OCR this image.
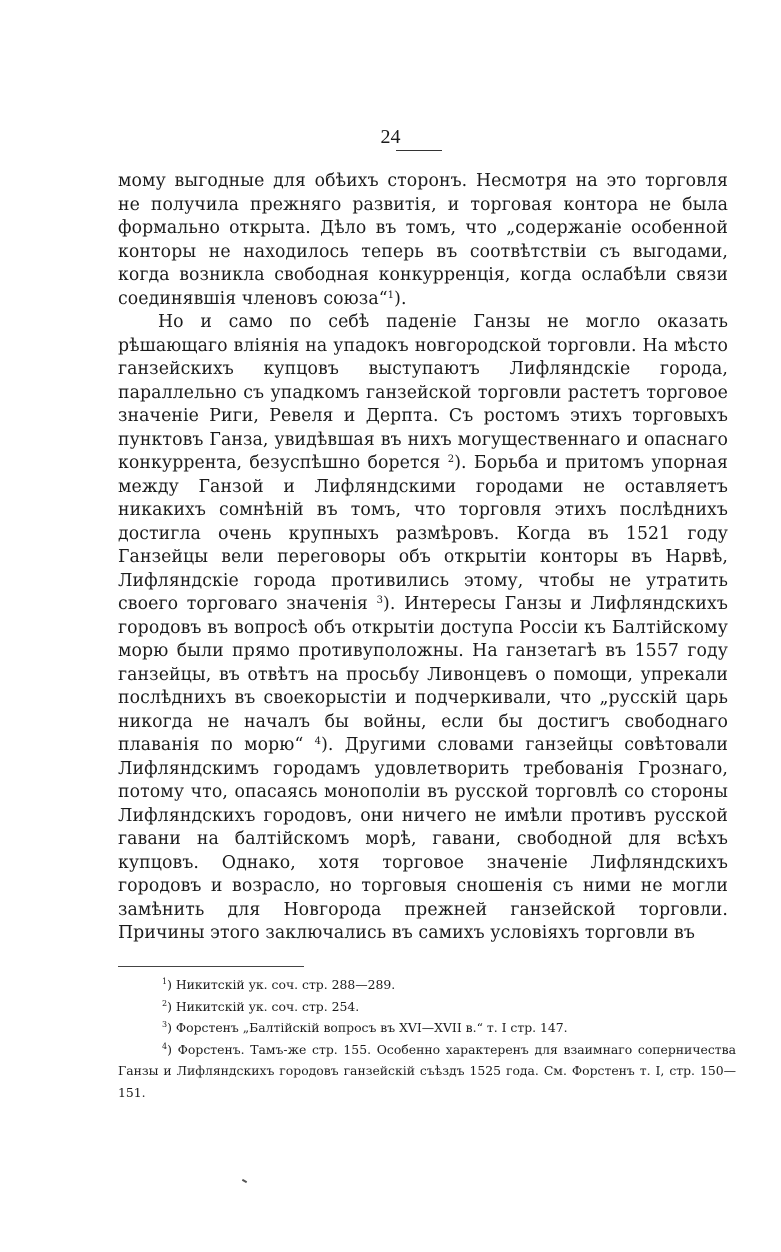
24

мому выгодные для обѣихъ сторонъ. Несмотря на это торговля не получила прежняго развитія, и торговая контора не была формально открыта. Дѣло въ томъ, что „содержаніе особенной конторы не находилось теперь въ соотвѣтствіи съ выгодами, когда возникла свободная конкурренція, когда ослабѣли связи соединявшія членовъ союза“$^1$).

Но и само по себѣ паденіе Ганзы не могло оказать рѣшающаго вліянія на упадокъ новгородской торговли. На мѣсто ганзейскихъ купцовъ выступаютъ Лифляндскіе города, параллельно съ упадкомъ ганзейской торговли растетъ торговое значеніе Риги, Ревеля и Дерпта. Съ ростомъ этихъ торговыхъ пунктовъ Ганза, увидѣвшая въ нихъ могущественнаго и опаснаго конкуррента, безуспѣшно борется $^2$). Борьба и притомъ упорная между Ганзой и Лифляндскими городами не оставляетъ никакихъ сомнѣній въ томъ, что торговля этихъ послѣднихъ достигла очень крупныхъ размѣровъ. Когда въ 1521 году Ганзейцы вели переговоры объ открытіи конторы въ Нарвѣ, Лифляндскіе города противились этому, чтобы не утратить своего торговаго значенія $^3$). Интересы Ганзы и Лифляндскихъ городовъ въ вопросѣ объ открытіи доступа Россіи къ Балтійскому морю были прямо противуположны. На ганзетагѣ въ 1557 году ганзейцы, въ отвѣтъ на просьбу Ливонцевъ о помощи, упрекали послѣднихъ въ своекорыстіи и подчеркивали, что „русскій царь никогда не началъ бы войны, если бы достигъ свободнаго плаванія по морю“ $^4$). Другими словами ганзейцы совѣтовали Лифляндскимъ городамъ удовлетворить требованія Грознаго, потому что, опасаясь монополіи въ русской торговлѣ со стороны Лифляндскихъ городовъ, они ничего не имѣли противъ русской гавани на балтійскомъ морѣ, гавани, свободной для всѣхъ купцовъ. Однако, хотя торговое значеніе Лифляндскихъ городовъ и возрасло, но торговыя сношенія съ ними не могли замѣнить для Новгорода прежней ганзейской торговли. Причины этого заключались въ самихъ условіяхъ торговли въ

$^1$) Никитскій ук. соч. стр. 288—289.

$^2$) Никитскій ук. соч. стр. 254.

$^3$) Форстенъ „Балтійскій вопросъ въ XVI—XVII в.“ т. I стр. 147.

$^4$) Форстенъ. Тамъ-же стр. 155. Особенно характеренъ для взаимнаго соперничества Ганзы и Лифляндскихъ городовъ ганзейскій съѣздъ 1525 года. См. Форстенъ т. I, стр. 150—151.
